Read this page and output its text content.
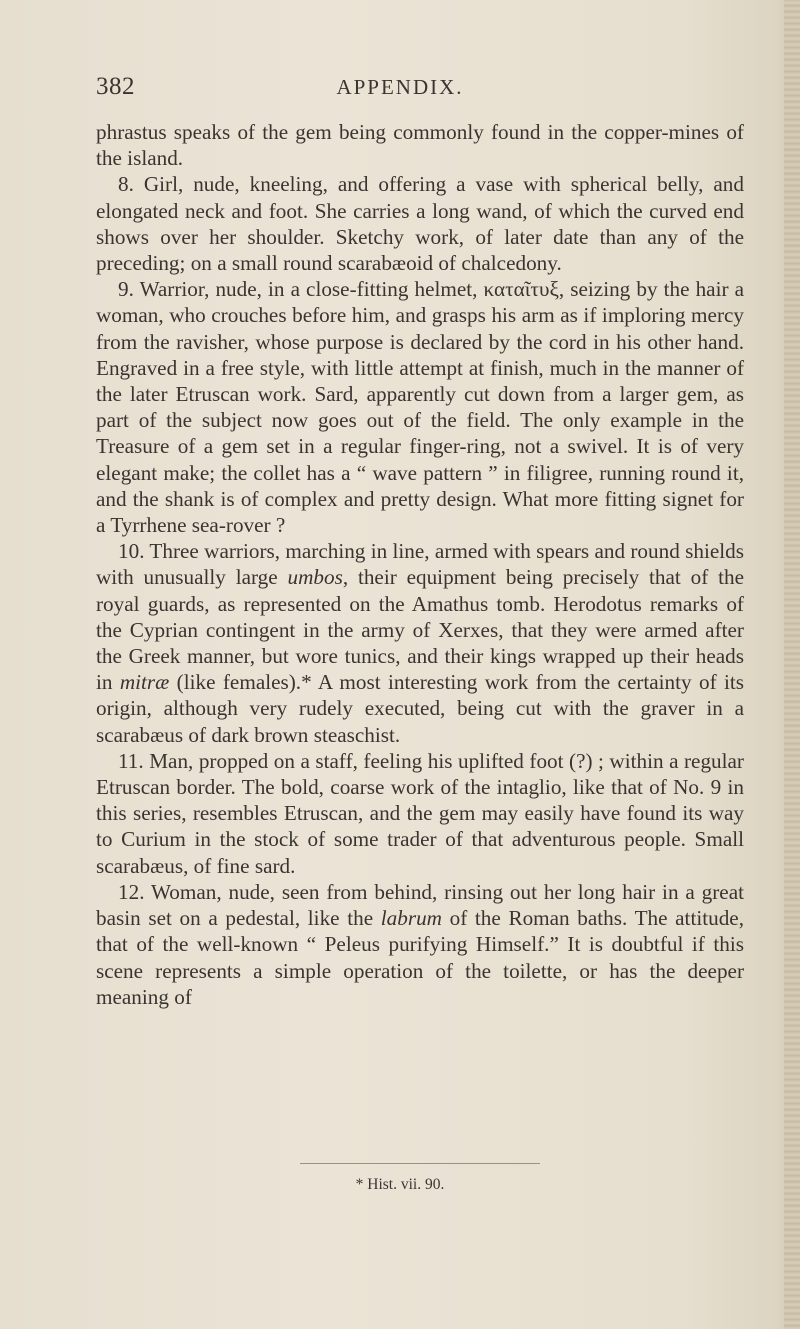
382	APPENDIX.

phrastus speaks of the gem being commonly found in the copper-mines of the island.

8. Girl, nude, kneeling, and offering a vase with spherical belly, and elongated neck and foot. She carries a long wand, of which the curved end shows over her shoulder. Sketchy work, of later date than any of the preceding; on a small round scarabæoid of chalcedony.

9. Warrior, nude, in a close-fitting helmet, καταῖτυξ, seizing by the hair a woman, who crouches before him, and grasps his arm as if imploring mercy from the ravisher, whose purpose is declared by the cord in his other hand. Engraved in a free style, with little attempt at finish, much in the manner of the later Etruscan work. Sard, apparently cut down from a larger gem, as part of the subject now goes out of the field. The only example in the Treasure of a gem set in a regular finger-ring, not a swivel. It is of very elegant make; the collet has a “ wave pattern ” in filigree, running round it, and the shank is of complex and pretty design. What more fitting signet for a Tyrrhene sea-rover ?

10. Three warriors, marching in line, armed with spears and round shields with unusually large umbos, their equipment being precisely that of the royal guards, as represented on the Amathus tomb. Herodotus remarks of the Cyprian contingent in the army of Xerxes, that they were armed after the Greek manner, but wore tunics, and their kings wrapped up their heads in mitræ (like females).* A most interesting work from the certainty of its origin, although very rudely executed, being cut with the graver in a scarabæus of dark brown steaschist.

11. Man, propped on a staff, feeling his uplifted foot (?) ; within a regular Etruscan border. The bold, coarse work of the intaglio, like that of No. 9 in this series, resembles Etruscan, and the gem may easily have found its way to Curium in the stock of some trader of that adventurous people. Small scarabæus, of fine sard.

12. Woman, nude, seen from behind, rinsing out her long hair in a great basin set on a pedestal, like the labrum of the Roman baths. The attitude, that of the well-known “ Peleus purifying Himself.” It is doubtful if this scene represents a simple operation of the toilette, or has the deeper meaning of

* Hist. vii. 90.
